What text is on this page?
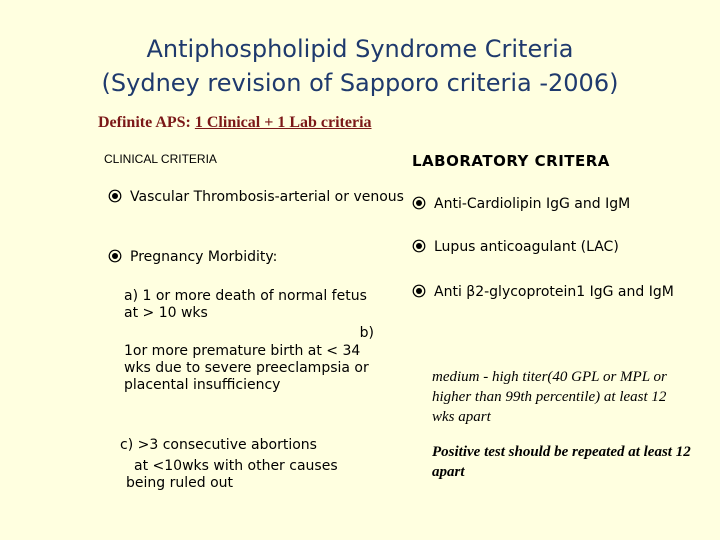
Antiphospholipid Syndrome Criteria
(Sydney revision of Sapporo criteria -2006)
Definite APS: 1 Clinical + 1 Lab criteria
CLINICAL CRITERIA	LABORATORY CRITERA
Vascular Thrombosis-arterial or venous
Pregnancy Morbidity:
a) 1 or more death of normal fetus at > 10 wks
b)
1or more premature birth at < 34 wks due to severe preeclampsia or placental insufficiency
c) >3 consecutive abortions
at <10wks with other causes
being ruled out
Anti-Cardiolipin IgG and IgM
Lupus anticoagulant (LAC)
Anti β2-glycoprotein1 IgG and IgM
medium - high titer(40 GPL or MPL or higher than 99th percentile) at least 12 wks apart
Positive test should be repeated at least 12 apart
